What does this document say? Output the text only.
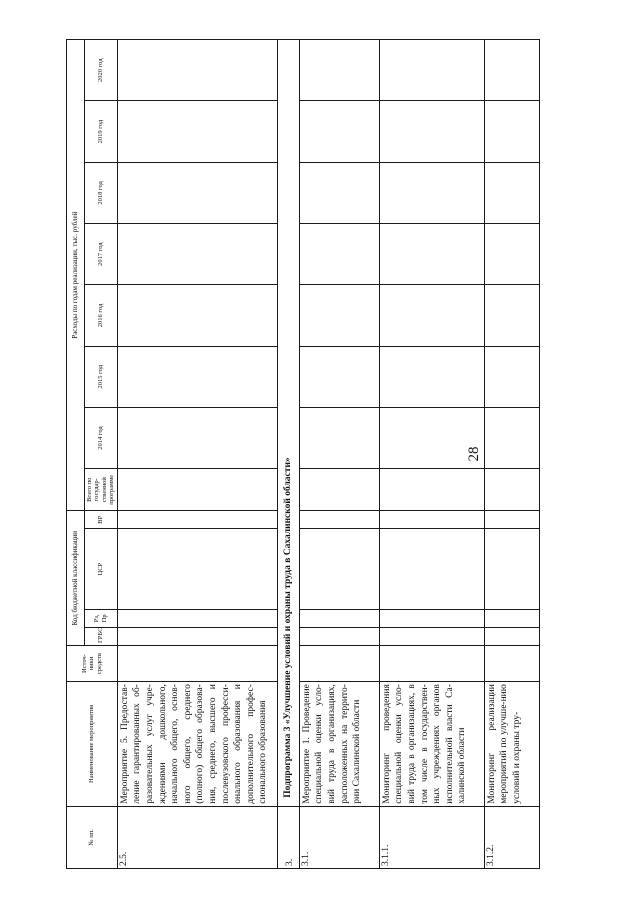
№ пп.	Наименование мероприятия	Источ-ники средств	Код бюджетной классификации				Расходы по годам реализации, тыс. рублей							
			ГРБС	Рз, Пр	ЦСР	ВР	Всего по государ-ственной программе	2014 год	2015 год	2016 год	2017 год	2018 год	2019 год	2020 год
2.5.	Мероприятие 5. Предостав-ление гарантированных об-разовательных услуг учре-ждениями дошкольного, начального общего, основ-ного общего, среднего (полного) общего образова-ния, среднего, высшего и послевузовского професси-онального образования и дополнительного профес-сионального образования													
3.	Подпрограмма 3 «Улучшение условий и охраны труда в Сахалинской области»													
3.1.	Мероприятие 1. Проведение специальной оценки усло-вий труда в организациях, расположенных на террито-рии Сахалинской области													
3.1.1.	Мониторинг проведения специальной оценки усло-вий труда в организациях, в том числе в государствен-ных учреждениях органов исполнительной власти Са-халинской области													
3.1.2.	Мониторинг реализации мероприятий по улучше-нию условий и охраны тру-													
28
